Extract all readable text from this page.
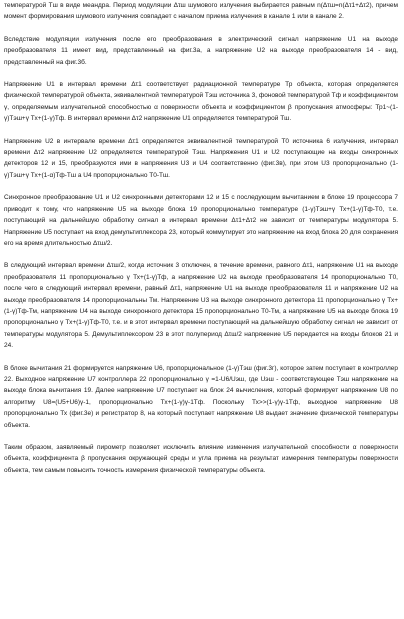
температурой Тш в виде меандра. Период модуляции Δτш шумового излучения выбирается равным n(Δτш=n(Δτ1+Δτ2), причем момент формирования шумового излучения совпадает с началом приема излучения в канале 1 или в канале 2.

Вследствие модуляции излучения после его преобразования в электрический сигнал напряжение U1 на выходе преобразователя 11 имеет вид, представленный на фиг.3а, а напряжение U2 на выходе преобразователя 14 - вид, представленный на фиг.3б.

Напряжение U1 в интервал времени Δτ1 соответствует радиационной температуре Тр объекта, которая определяется физической температурой объекта, эквивалентной температурой Тэш источника 3, фоновой температурой Тф и коэффициентом γ, определяемым излучательной способностью α поверхности объекта и коэффициентом β пропускания атмосферы: Тр1~(1-γ)Тэш+γ Тх+(1-γ)Тф. В интервал времени Δτ2 напряжение U1 определяется температурой Тш.

Напряжение U2 в интервале времени Δτ1 определяется эквивалентной температурой Т0 источника 6 излучения, интервал времени Δτ2 напряжение U2 определяется температурой Тэш. Напряжения U1 и U2 поступающие на входы синхронных детекторов 12 и 15, преобразуются ими в напряжения U3 и U4 соответственно (фиг.3в), при этом U3 пропорционально (1-γ)Тэш+γ Тх+(1-α)Тф-Тш а U4 пропорционально Т0-Тш.

Синхронное преобразование U1 и U2 синхронными детекторами 12 и 15 с последующим вычитанием в блоке 19 процессора 7 приводит к тому, что напряжение U5 на выходе блока 19 пропорционально температуре (1-γ)Тэш+γ Тх+(1-γ)Тф-Т0, т.е. поступающий на дальнейшую обработку сигнал в интервал времени Δτ1+Δτ2 не зависит от температуры модулятора 5. Напряжение U5 поступает на вход демультиплексора 23, который коммутирует это напряжение на вход блока 20 для сохранения его на время длительностью Δτш/2.

В следующий интервал времени Δτш/2, когда источник 3 отключен, в течение времени, равного Δτ1, напряжение U1 на выходе преобразователя 11 пропорционально γ Тх+(1-γ)Тф, а напряжение U2 на выходе преобразователя 14 пропорционально Т0, после чего в следующий интервал времени, равный Δτ1, напряжение U1 на выходе преобразователя 11 и напряжение U2 на выходе преобразователя 14 пропорциональны Тм. Напряжение U3 на выходе синхронного детектора 11 пропорционально γ Тх+(1-γ)Тф-Тм, напряжение U4 на выходе синхронного детектора 15 пропорционально Т0-Тм, а напряжение U5 на выходе блока 19 пропорционально γ Тх+(1-γ)Тф-Т0, т.е. и в этот интервал времени поступающий на дальнейшую обработку сигнал не зависит от температуры модулятора 5. Демультиплексором 23 в этот полупериод Δτш/2 напряжение U5 передается на входы блоков 21 и 24.

В блоке вычитания 21 формируется напряжение U6, пропорциональное (1-γ)Тэш (фиг.3г), которое затем поступает в контроллер 22. Выходное напряжение U7 контроллера 22 пропорционально γ =1-U6/Uэш, где Uэш - соответствующее Тэш напряжение на выходе блока вычитания 19. Далее напряжение U7 поступает на блок 24 вычисления, который формирует напряжение U8 по алгоритму U8=(U5+U6)γ-1, пропорционально Тх+(1-γ)γ-1Тф. Поскольку Тх>>(1-γ)γ-1Тф, выходное напряжение U8 пропорционально Тх (фиг.3е) и регистратор 8, на который поступает напряжение U8 выдает значение физической температуры объекта.

Таким образом, заявляемый пирометр позволяет исключить влияние изменения излучательной способности α поверхности объекта, коэффициента β пропускания окружающей среды и угла приема на результат измерения температуры поверхности объекта, тем самым повысить точность измерения физической температуры объекта.
